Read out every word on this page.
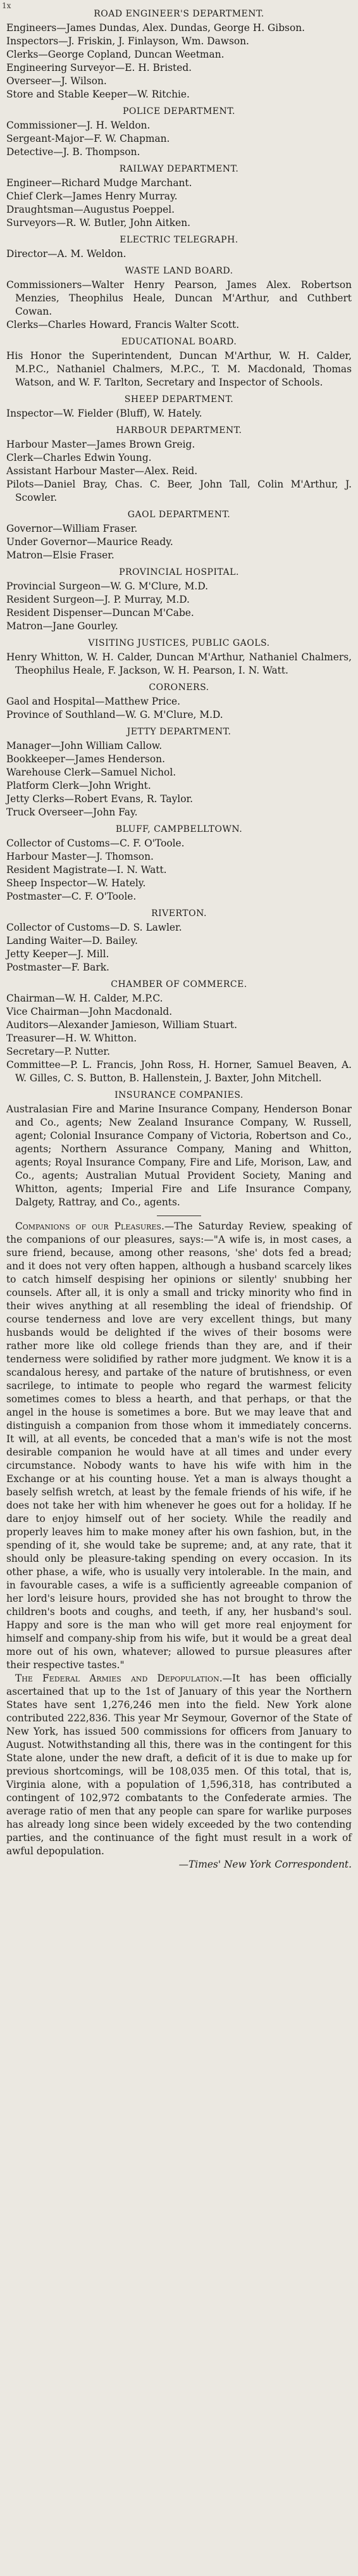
1x
ROAD ENGINEER'S DEPARTMENT.

Engineers—James Dundas, Alex. Dundas, George H. Gibson.

Inspectors—J. Friskin, J. Finlayson, Wm. Dawson.

Clerks—George Copland, Duncan Weetman.

Engineering Surveyor—E. H. Bristed.

Overseer—J. Wilson.

Store and Stable Keeper—W. Ritchie.

POLICE DEPARTMENT.

Commissioner—J. H. Weldon.

Sergeant-Major—F. W. Chapman.

Detective—J. B. Thompson.

RAILWAY DEPARTMENT.

Engineer—Richard Mudge Marchant.

Chief Clerk—James Henry Murray.

Draughtsman—Augustus Poeppel.

Surveyors—R. W. Butler, John Aitken.

ELECTRIC TELEGRAPH.

Director—A. M. Weldon.

WASTE LAND BOARD.

Commissioners—Walter Henry Pearson, James Alex. Robertson Menzies, Theophilus Heale, Duncan M'Arthur, and Cuthbert Cowan.

Clerks—Charles Howard, Francis Walter Scott.

EDUCATIONAL BOARD.

His Honor the Superintendent, Duncan M'Arthur, W. H. Calder, M.P.C., Nathaniel Chalmers, M.P.C., T. M. Macdonald, Thomas Watson, and W. F. Tarlton, Secretary and Inspector of Schools.

SHEEP DEPARTMENT.

Inspector—W. Fielder (Bluff), W. Hately.

HARBOUR DEPARTMENT.

Harbour Master—James Brown Greig.

Clerk—Charles Edwin Young.

Assistant Harbour Master—Alex. Reid.

Pilots—Daniel Bray, Chas. C. Beer, John Tall, Colin M'Arthur, J. Scowler.

GAOL DEPARTMENT.

Governor—William Fraser.

Under Governor—Maurice Ready.

Matron—Elsie Fraser.

PROVINCIAL HOSPITAL.

Provincial Surgeon—W. G. M'Clure, M.D.

Resident Surgeon—J. P. Murray, M.D.

Resident Dispenser—Duncan M'Cabe.

Matron—Jane Gourley.

VISITING JUSTICES, PUBLIC GAOLS.

Henry Whitton, W. H. Calder, Duncan M'Arthur, Nathaniel Chalmers, Theophilus Heale, F. Jackson, W. H. Pearson, I. N. Watt.

CORONERS.

Gaol and Hospital—Matthew Price.

Province of Southland—W. G. M'Clure, M.D.

JETTY DEPARTMENT.

Manager—John William Callow.

Bookkeeper—James Henderson.

Warehouse Clerk—Samuel Nichol.

Platform Clerk—John Wright.

Jetty Clerks—Robert Evans, R. Taylor.

Truck Overseer—John Fay.

BLUFF, CAMPBELLTOWN.

Collector of Customs—C. F. O'Toole.

Harbour Master—J. Thomson.

Resident Magistrate—I. N. Watt.

Sheep Inspector—W. Hately.

Postmaster—C. F. O'Toole.

RIVERTON.

Collector of Customs—D. S. Lawler.

Landing Waiter—D. Bailey.

Jetty Keeper—J. Mill.

Postmaster—F. Bark.

CHAMBER OF COMMERCE.

Chairman—W. H. Calder, M.P.C.

Vice Chairman—John Macdonald.

Auditors—Alexander Jamieson, William Stuart.

Treasurer—H. W. Whitton.

Secretary—P. Nutter.

Committee—P. L. Francis, John Ross, H. Horner, Samuel Beaven, A. W. Gilles, C. S. Button, B. Hallenstein, J. Baxter, John Mitchell.

INSURANCE COMPANIES.

Australasian Fire and Marine Insurance Company, Henderson Bonar and Co., agents; New Zealand Insurance Company, W. Russell, agent; Colonial Insurance Company of Victoria, Robertson and Co., agents; Northern Assurance Company, Maning and Whitton, agents; Royal Insurance Company, Fire and Life, Morison, Law, and Co., agents; Australian Mutual Provident Society, Maning and Whitton, agents; Imperial Fire and Life Insurance Company, Dalgety, Rattray, and Co., agents.

Companions of our Pleasures.—The Saturday Review, speaking of the companions of our pleasures, says:—"A wife is, in most cases, a sure friend, because, among other reasons, 'she' dots fed a bread; and it does not very often happen, although a husband scarcely likes to catch himself despising her opinions or silently' snubbing her counsels. After all, it is only a small and tricky minority who find in their wives anything at all resembling the ideal of friendship. Of course tenderness and love are very excellent things, but many husbands would be delighted if the wives of their bosoms were rather more like old college friends than they are, and if their tenderness were solidified by rather more judgment. We know it is a scandalous heresy, and partake of the nature of brutishness, or even sacrilege, to intimate to people who regard the warmest felicity sometimes comes to bless a hearth, and that perhaps, or that the angel in the house is sometimes a bore. But we may leave that and distinguish a companion from those whom it immediately concerns. It will, at all events, be conceded that a man's wife is not the most desirable companion he would have at all times and under every circumstance. Nobody wants to have his wife with him in the Exchange or at his counting house. Yet a man is always thought a basely selfish wretch, at least by the female friends of his wife, if he does not take her with him whenever he goes out for a holiday. If he dare to enjoy himself out of her society. While the readily and properly leaves him to make money after his own fashion, but, in the spending of it, she would take be supreme; and, at any rate, that it should only be pleasure-taking spending on every occasion. In its other phase, a wife, who is usually very intolerable. In the main, and in favourable cases, a wife is a sufficiently agreeable companion of her lord's leisure hours, provided she has not brought to throw the children's boots and coughs, and teeth, if any, her husband's soul. Happy and sore is the man who will get more real enjoyment for himself and company-ship from his wife, but it would be a great deal more out of his own, whatever; allowed to pursue pleasures after their respective tastes."

The Federal Armies and Depopulation.—It has been officially ascertained that up to the 1st of January of this year the Northern States have sent 1,276,246 men into the field. New York alone contributed 222,836. This year Mr Seymour, Governor of the State of New York, has issued 500 commissions for officers from January to August. Notwithstanding all this, there was in the contingent for this State alone, under the new draft, a deficit of it is due to make up for previous shortcomings, will be 108,035 men. Of this total, that is, Virginia alone, with a population of 1,596,318, has contributed a contingent of 102,972 combatants to the Confederate armies. The average ratio of men that any people can spare for warlike purposes has already long since been widely exceeded by the two contending parties, and the continuance of the fight must result in a work of awful depopulation.

—Times' New York Correspondent.
